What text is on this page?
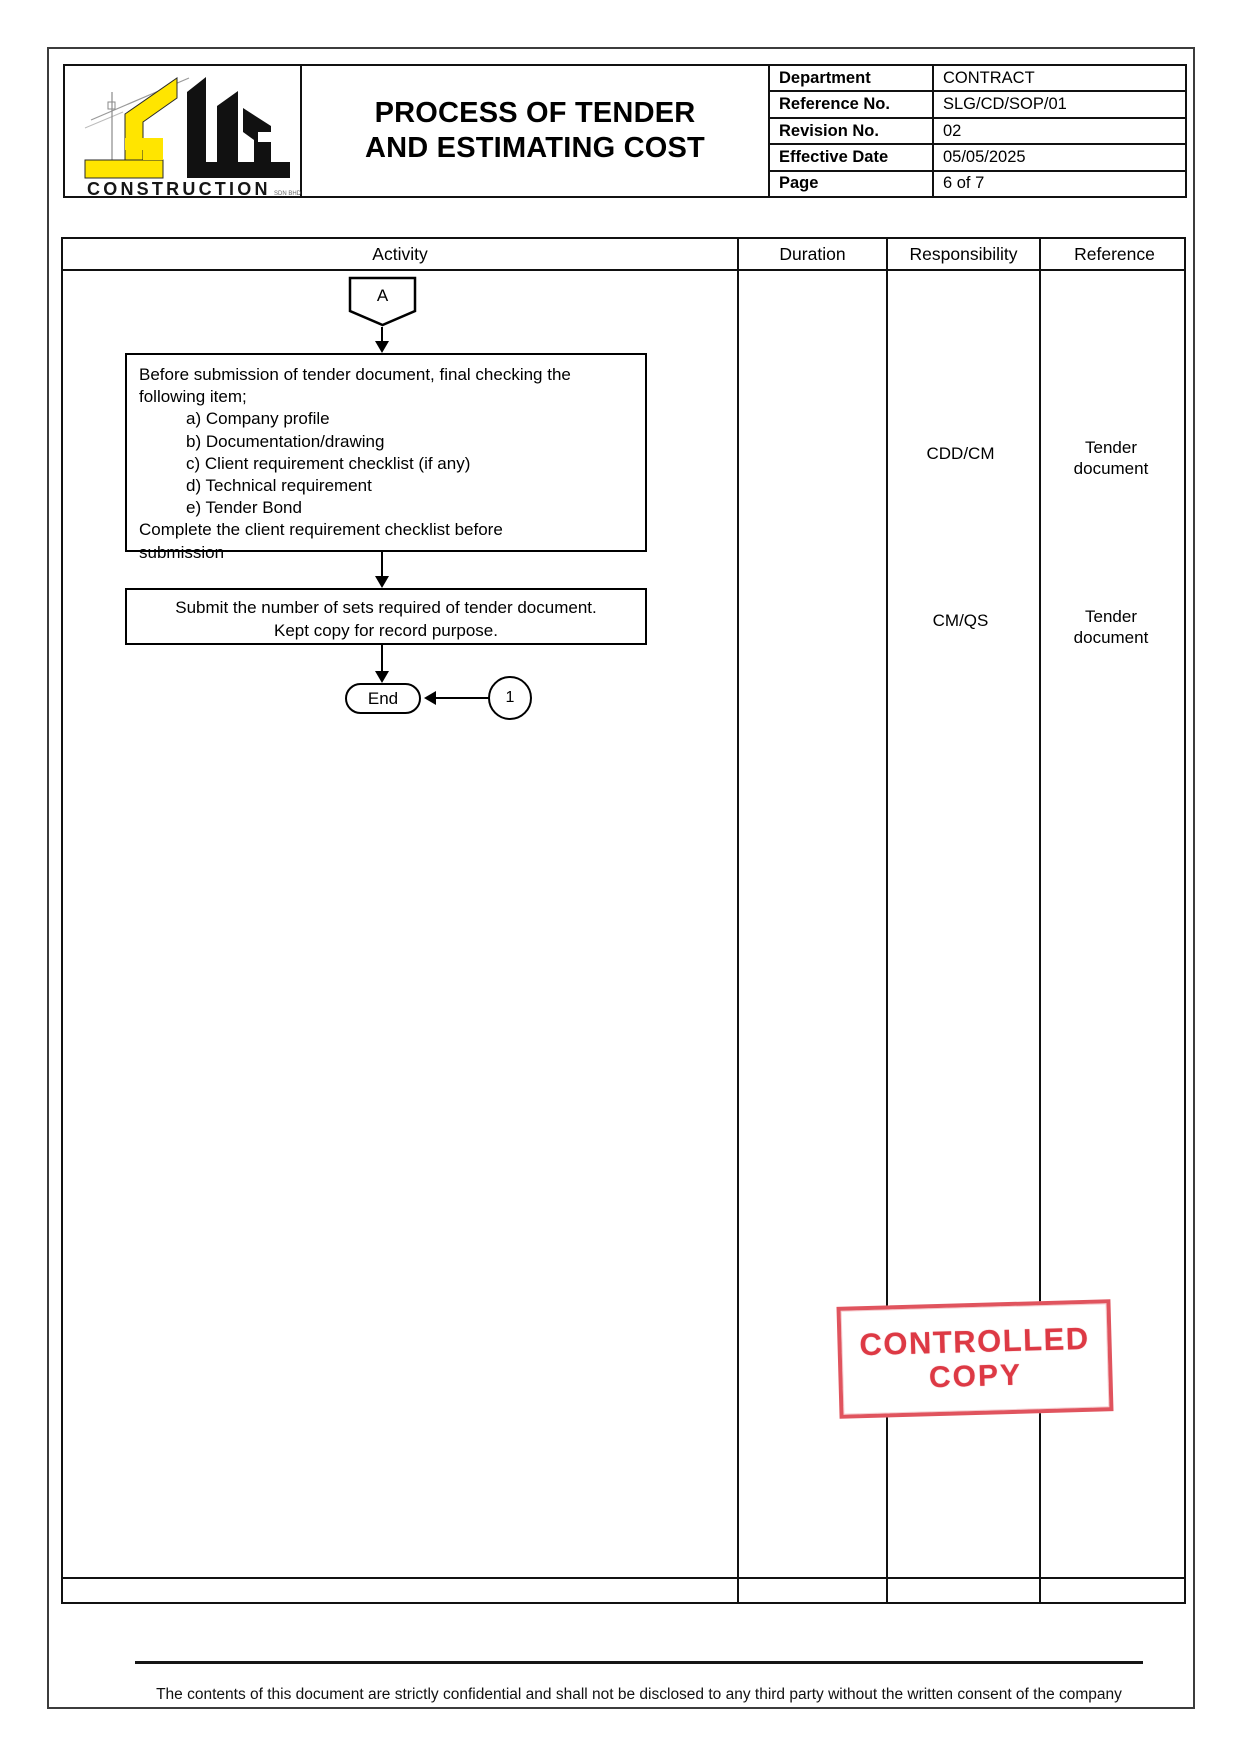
CONSTRUCTION SDN BHD
PROCESS OF TENDER
AND ESTIMATING COST
Department	CONTRACT
Reference No.	SLG/CD/SOP/01
Revision No.	02
Effective Date	05/05/2025
Page	6 of 7
Activity	Duration	Responsibility	Reference
A
Before submission of tender document, final checking the
following item;
a) Company profile
b) Documentation/drawing
c) Client requirement checklist (if any)
d) Technical requirement
e) Tender Bond
Complete the client requirement checklist before
submission
Submit the number of sets required of tender document.
Kept copy for record purpose.
End	1
CDD/CM	Tender document
CM/QS	Tender document
CONTROLLED
COPY
The contents of this document are strictly confidential and shall not be disclosed to any third party without the written consent of the company
